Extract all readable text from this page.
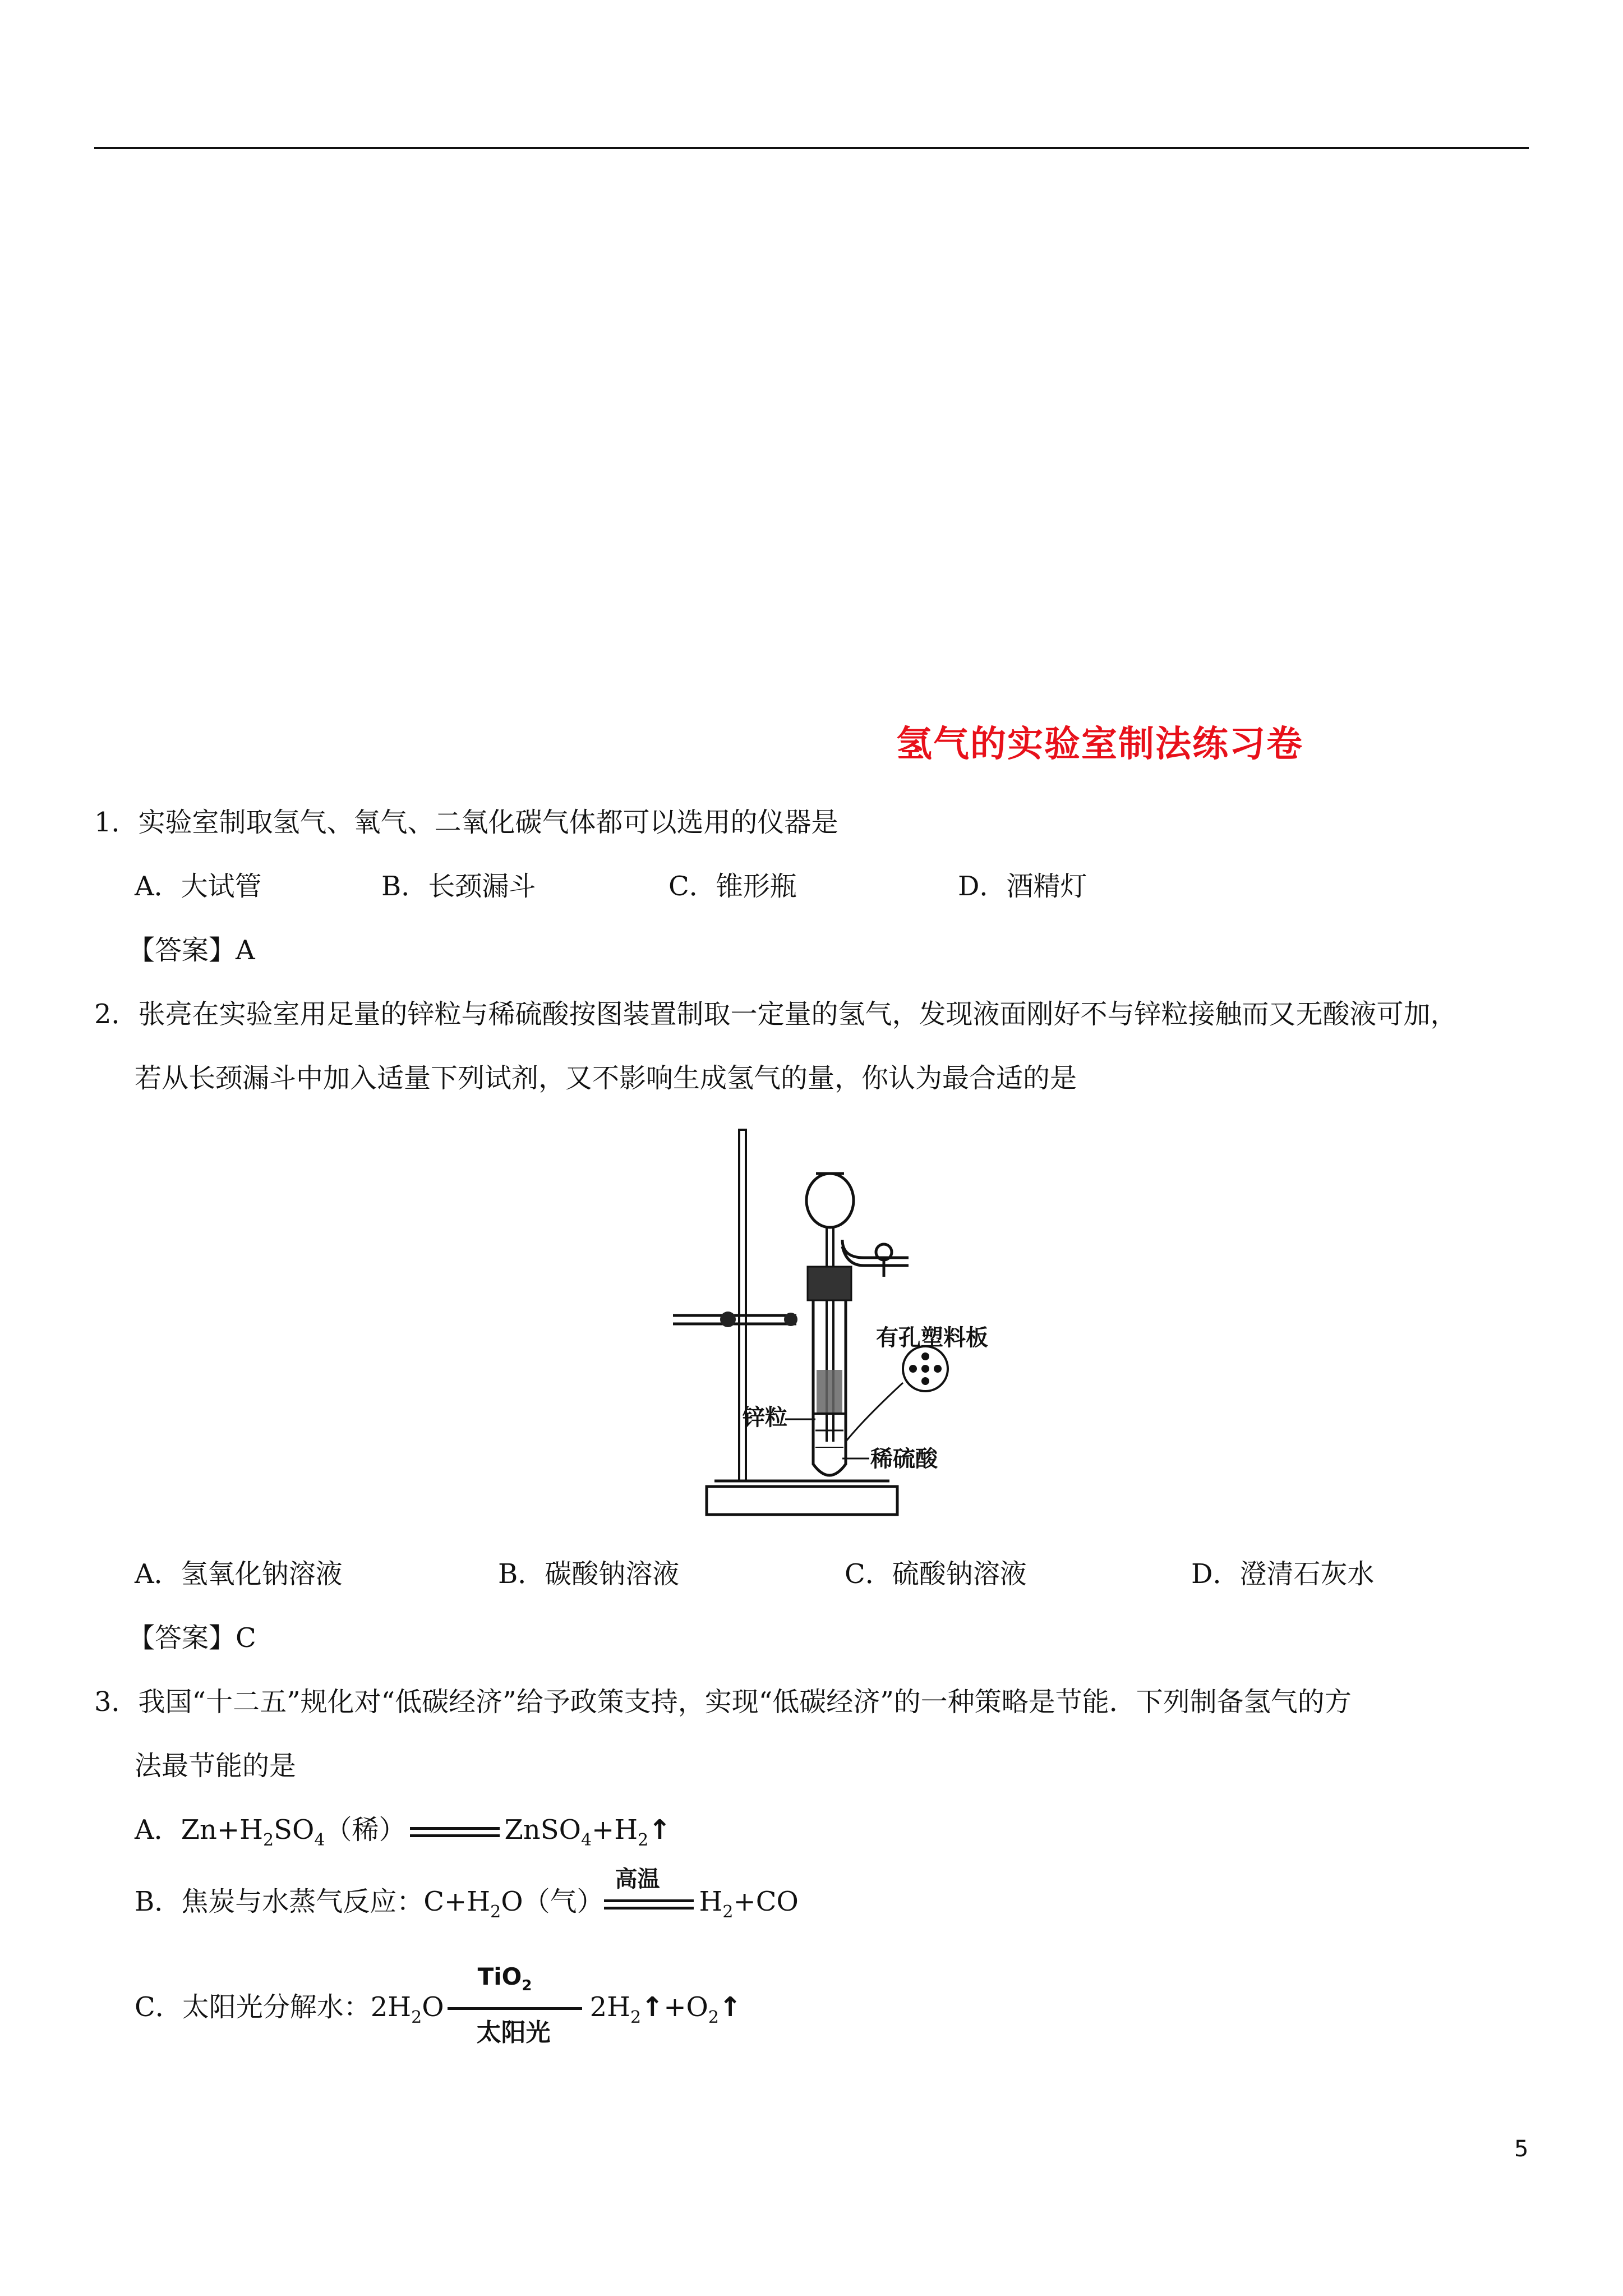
氢气的实验室制法练习卷
1．实验室制取氢气、氧气、二氧化碳气体都可以选用的仪器是
A．大试管	B．长颈漏斗	C．锥形瓶	D．酒精灯
【答案】A
2．张亮在实验室用足量的锌粒与稀硫酸按图装置制取一定量的氢气，发现液面刚好不与锌粒接触而又无酸液可加，
若从长颈漏斗中加入适量下列试剂，又不影响生成氢气的量，你认为最合适的是
有孔塑料板
锌粒
稀硫酸
A．氢氧化钠溶液	B．碳酸钠溶液	C．硫酸钠溶液	D．澄清石灰水
【答案】C
3．我国“十二五”规化对“低碳经济”给予政策支持，实现“低碳经济”的一种策略是节能．下列制备氢气的方
法最节能的是
A．$Zn+H_2SO_4$（稀）	$ZnSO_4+H_2↑$
B．焦炭与水蒸气反应：$C+H_2O$（气）
高温
$H_2+CO$
C．太阳光分解水：$2H_2O$
TiO$_2$
太阳光
$2H_2↑+O_2↑$
5
